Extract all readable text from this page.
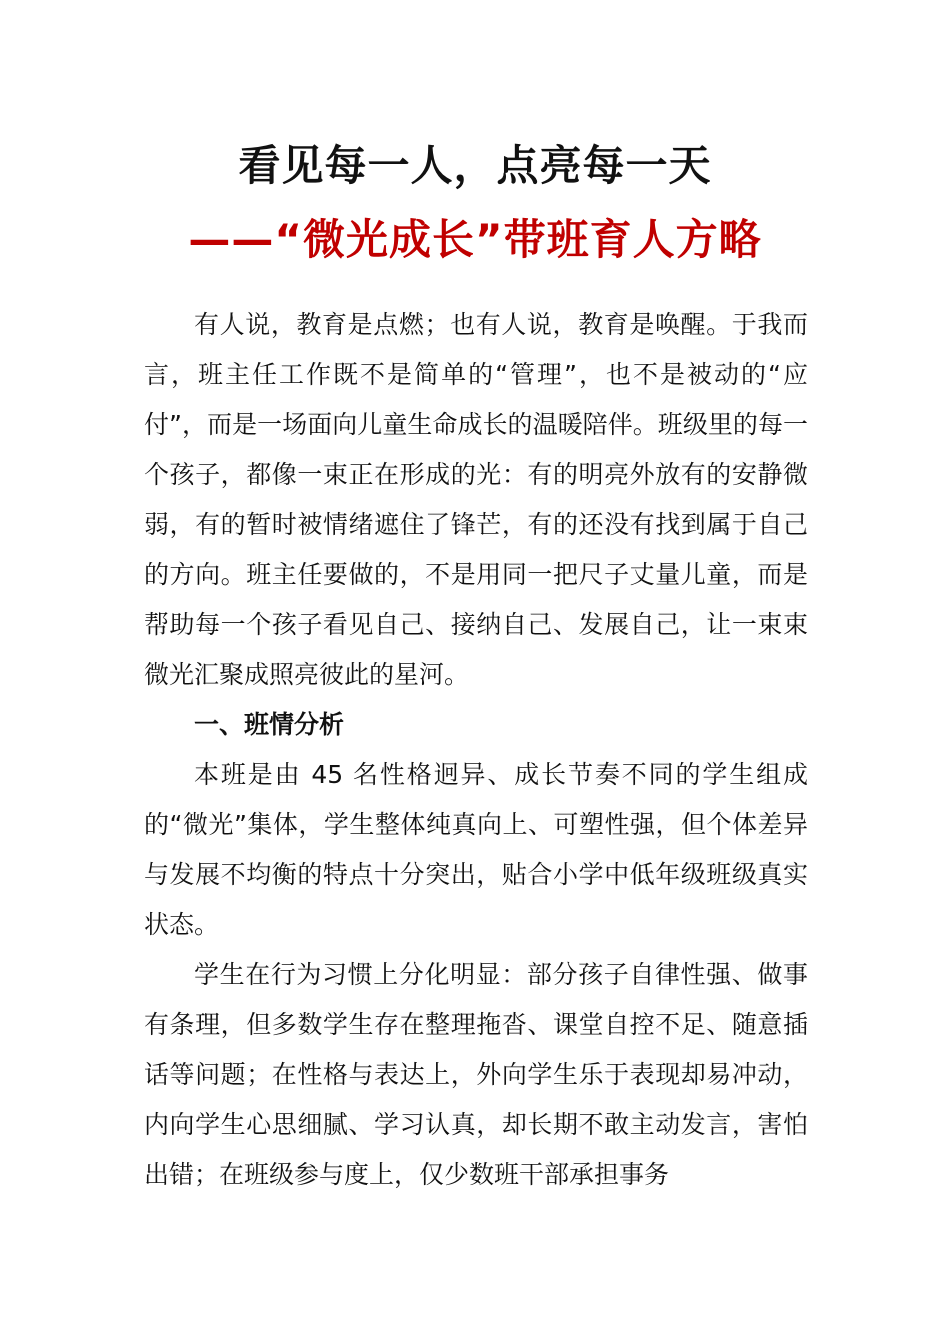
看见每一人，点亮每一天
——“微光成长”带班育人方略

有人说，教育是点燃；也有人说，教育是唤醒。于我而言，班主任工作既不是简单的“管理”，也不是被动的“应付”，而是一场面向儿童生命成长的温暖陪伴。班级里的每一个孩子，都像一束正在形成的光：有的明亮外放有的安静微弱，有的暂时被情绪遮住了锋芒，有的还没有找到属于自己的方向。班主任要做的，不是用同一把尺子丈量儿童，而是帮助每一个孩子看见自己、接纳自己、发展自己，让一束束微光汇聚成照亮彼此的星河。

一、班情分析

本班是由 45 名性格迥异、成长节奏不同的学生组成的“微光”集体，学生整体纯真向上、可塑性强，但个体差异与发展不均衡的特点十分突出，贴合小学中低年级班级真实状态。

学生在行为习惯上分化明显：部分孩子自律性强、做事有条理，但多数学生存在整理拖沓、课堂自控不足、随意插话等问题；在性格与表达上，外向学生乐于表现却易冲动，内向学生心思细腻、学习认真，却长期不敢主动发言，害怕出错；在班级参与度上，仅少数班干部承担事务
